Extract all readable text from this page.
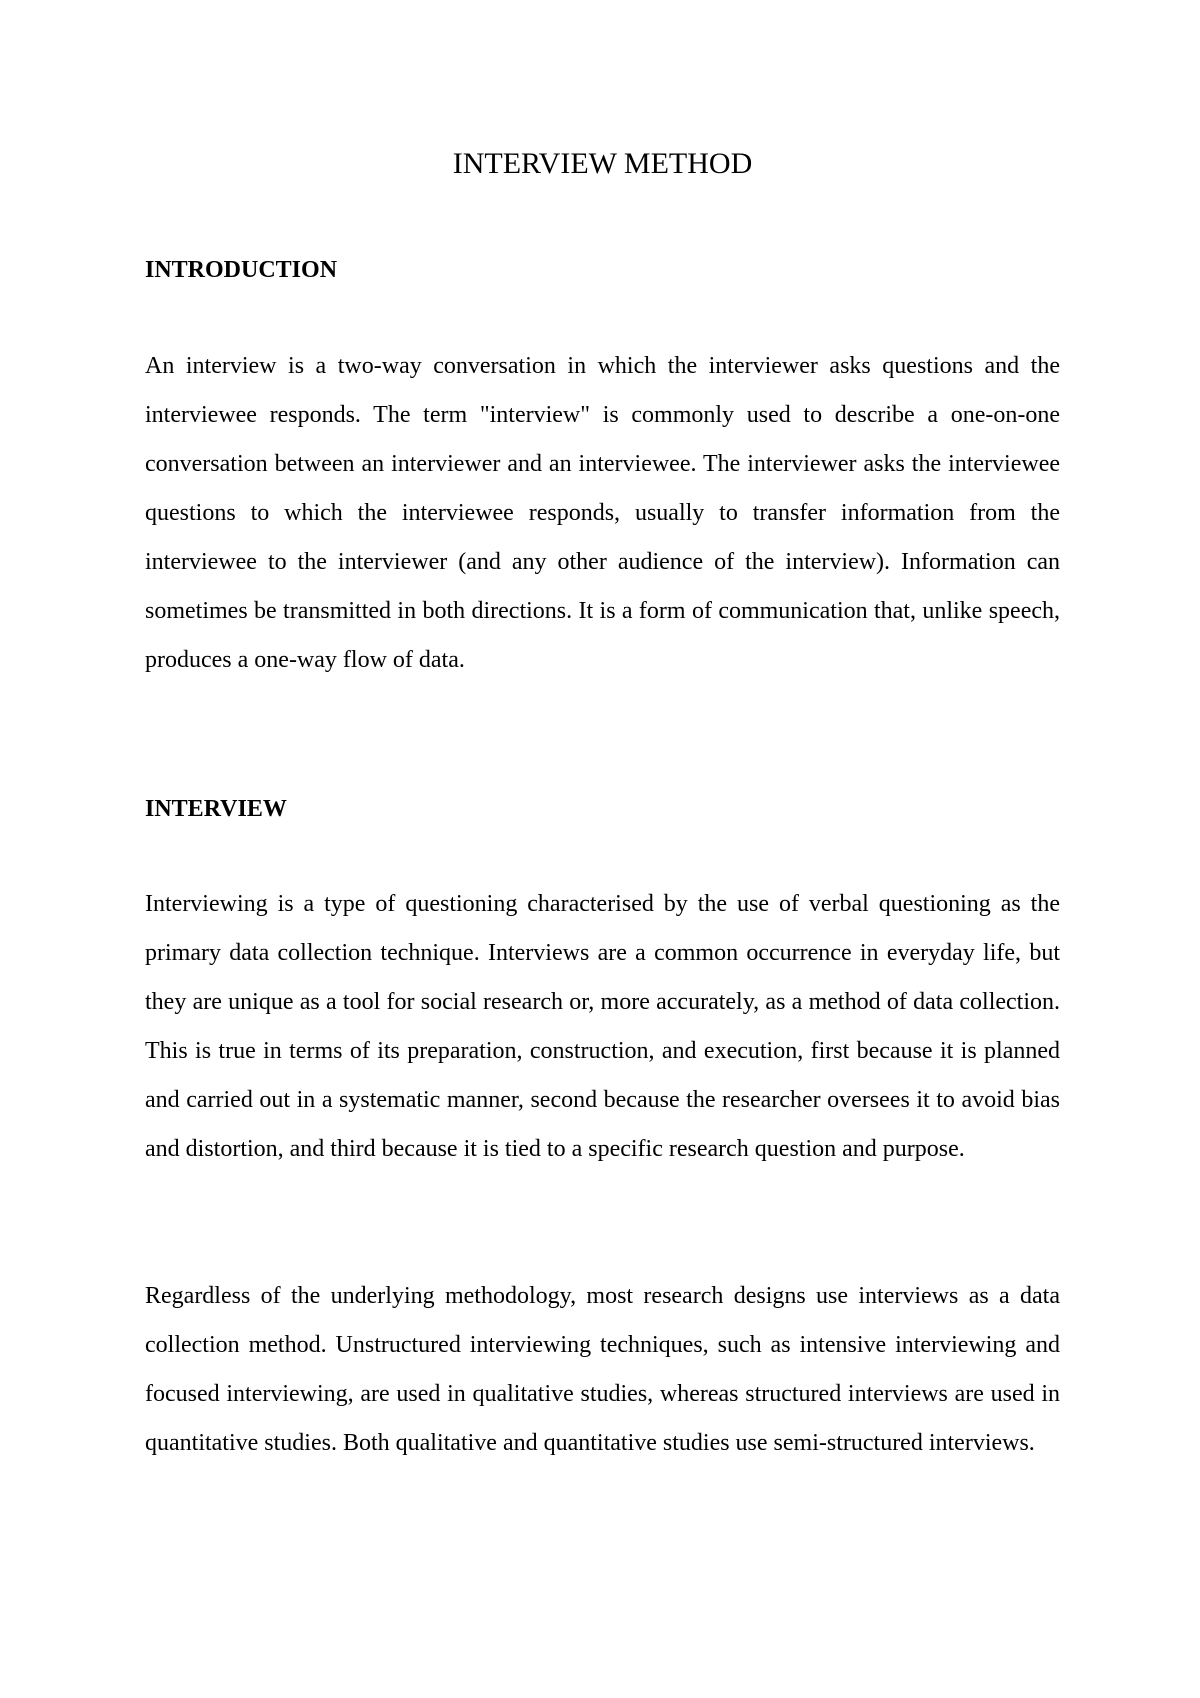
INTERVIEW METHOD
INTRODUCTION

An interview is a two-way conversation in which the interviewer asks questions and the interviewee responds. The term "interview" is commonly used to describe a one-on-one conversation between an interviewer and an interviewee. The interviewer asks the interviewee questions to which the interviewee responds, usually to transfer information from the interviewee to the interviewer (and any other audience of the interview). Information can sometimes be transmitted in both directions. It is a form of communication that, unlike speech, produces a one-way flow of data.

INTERVIEW

Interviewing is a type of questioning characterised by the use of verbal questioning as the primary data collection technique. Interviews are a common occurrence in everyday life, but they are unique as a tool for social research or, more accurately, as a method of data collection. This is true in terms of its preparation, construction, and execution, first because it is planned and carried out in a systematic manner, second because the researcher oversees it to avoid bias and distortion, and third because it is tied to a specific research question and purpose.

Regardless of the underlying methodology, most research designs use interviews as a data collection method. Unstructured interviewing techniques, such as intensive interviewing and focused interviewing, are used in qualitative studies, whereas structured interviews are used in quantitative studies. Both qualitative and quantitative studies use semi-structured interviews.
